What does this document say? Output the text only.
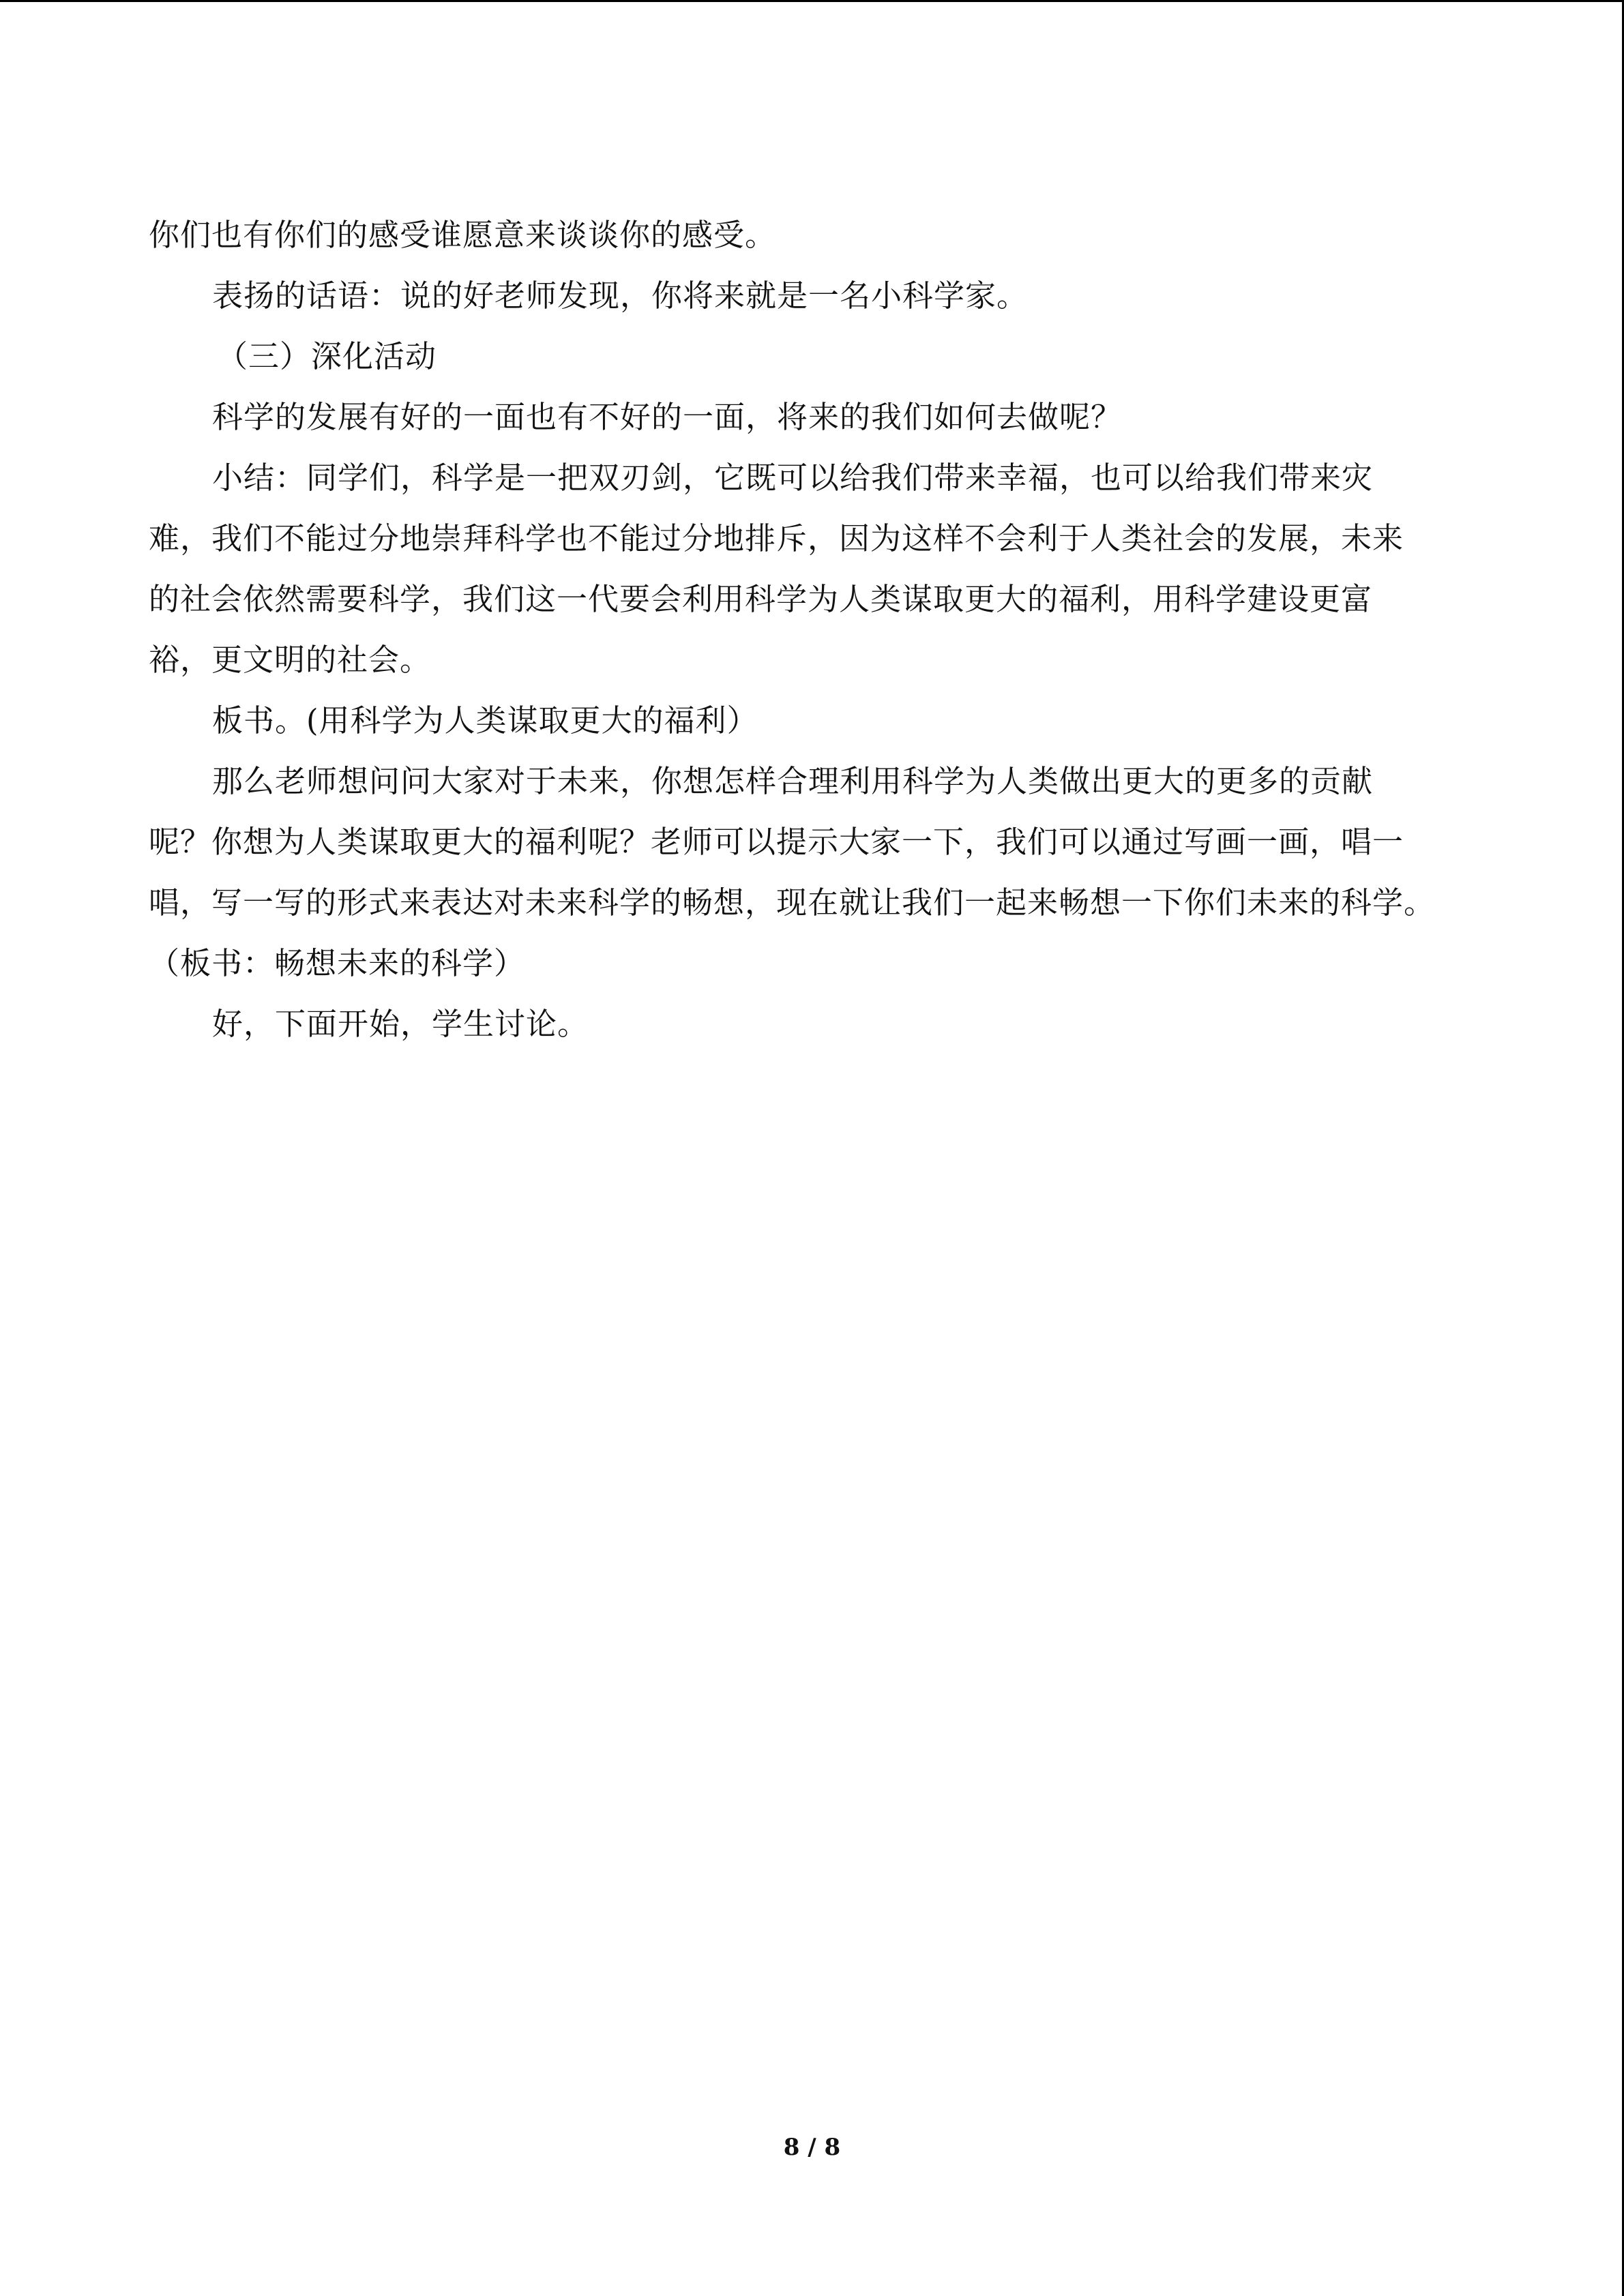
你们也有你们的感受谁愿意来谈谈你的感受。
表扬的话语：说的好老师发现，你将来就是一名小科学家。
（三）深化活动
科学的发展有好的一面也有不好的一面，将来的我们如何去做呢？
小结：同学们，科学是一把双刃剑，它既可以给我们带来幸福，也可以给我们带来灾
难，我们不能过分地崇拜科学也不能过分地排斥，因为这样不会利于人类社会的发展，未来
的社会依然需要科学，我们这一代要会利用科学为人类谋取更大的福利，用科学建设更富
裕，更文明的社会。
板书。(用科学为人类谋取更大的福利）
那么老师想问问大家对于未来，你想怎样合理利用科学为人类做出更大的更多的贡献
呢？你想为人类谋取更大的福利呢？老师可以提示大家一下，我们可以通过写画一画，唱一
唱，写一写的形式来表达对未来科学的畅想，现在就让我们一起来畅想一下你们未来的科学。
（板书：畅想未来的科学）
好，下面开始，学生讨论。
8 / 8
